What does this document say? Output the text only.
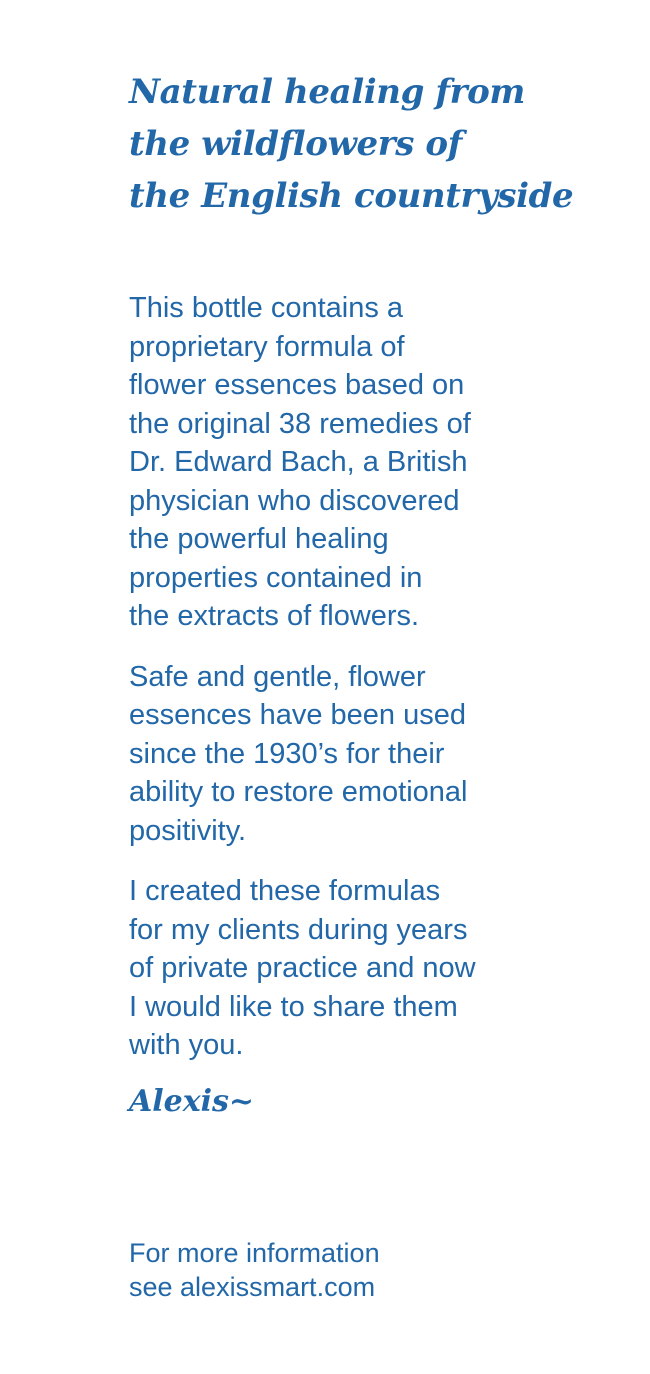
Natural healing from
the wildflowers of
the English countryside

This bottle contains a
proprietary formula of
flower essences based on
the original 38 remedies of
Dr. Edward Bach, a British
physician who discovered
the powerful healing
properties contained in
the extracts of flowers.

Safe and gentle, flower
essences have been used
since the 1930’s for their
ability to restore emotional
positivity.

I created these formulas
for my clients during years
of private practice and now
I would like to share them
with you.

Alexis~

For more information
see alexissmart.com
